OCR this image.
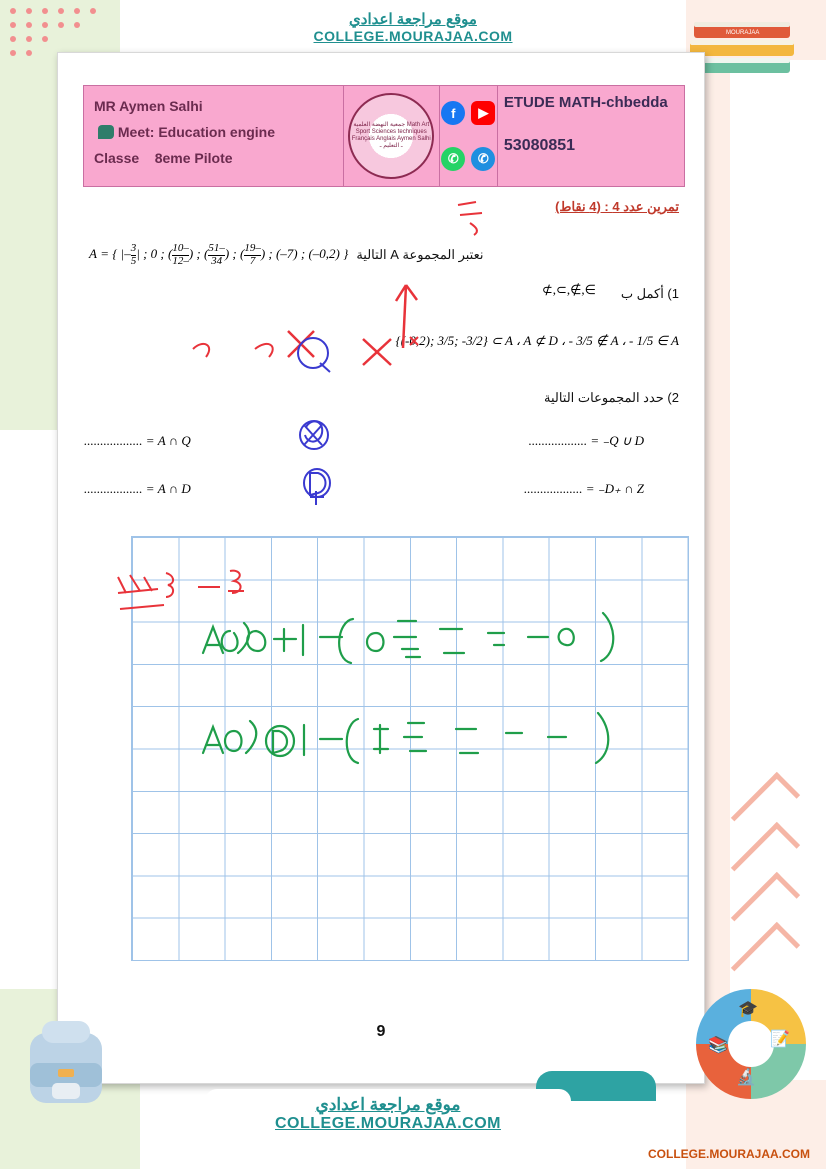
MOURAJAA
موقع مراجعة اعدادي
COLLEGE.MOURAJAA.COM
MR Aymen Salhi
Meet: Education engine
Classe 8eme Pilote
جمعية النهضة العلمية Math Art Sport Sciences techniques Français Anglais Aymen Salhi ـ التعليم ـ
f	▶
✆	✆
ETUDE MATH-chbedda
53080851
تمرين عدد 4 : (4 نقاط)
نعتبر المجموعة A التالية
A = { |– $\frac{3}{5}$ | ; 0 ; ( $\frac{-10}{-12}$ ) ; ( $\frac{-51}{34}$ ) ; ( $\frac{-19}{7}$ ) ; (–7) ; (–0,2) }
⊄,⊂,∉,∈ 1) أكمل ب
{(-0,2); 3/5; -3/2} ⊂ A ، A ⊄ D ، - 3/5 ∉ A ، - 1/5 ∈ A
2) حدد المجموعات التالية
Q ∪ D₋ = ..................
A ∩ Q = ..................
D₊ ∩ Z₋ = ..................
A ∩ D = ..................
9
📚
🎓
📝
🔬
موقع مراجعة اعدادي
COLLEGE.MOURAJAA.COM
COLLEGE.MOURAJAA.COM
